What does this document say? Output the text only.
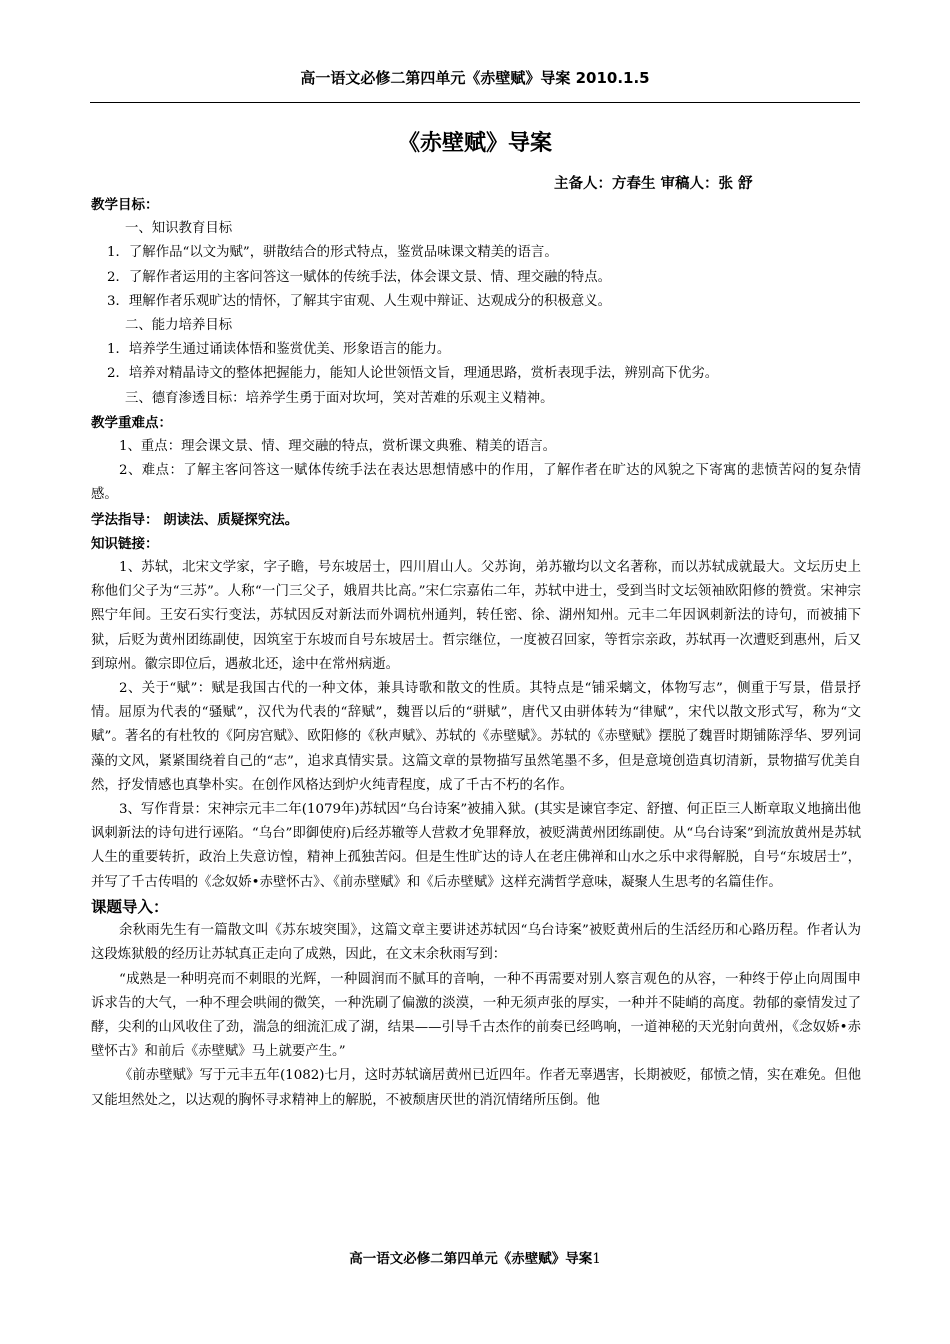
高一语文必修二第四单元《赤壁赋》导案 2010.1.5
《赤壁赋》导案
主备人：方春生 审稿人：张 舒

教学目标：

一、知识教育目标

1．了解作品“以文为赋”，骈散结合的形式特点，鉴赏品味课文精美的语言。

2．了解作者运用的主客问答这一赋体的传统手法，体会课文景、情、理交融的特点。

3．理解作者乐观旷达的情怀，了解其宇宙观、人生观中辩证、达观成分的积极意义。

二、能力培养目标

1．培养学生通过诵读体悟和鉴赏优美、形象语言的能力。

2．培养对精晶诗文的整体把握能力，能知人论世领悟文旨，理通思路，赏析表现手法，辨别高下优劣。

三、德育渗透目标：培养学生勇于面对坎坷，笑对苦难的乐观主义精神。

教学重难点：

1、重点：理会课文景、情、理交融的特点，赏析课文典雅、精美的语言。

2、难点：了解主客问答这一赋体传统手法在表达思想情感中的作用，了解作者在旷达的风貌之下寄寓的悲愤苦闷的复杂情感。

学法指导： 朗读法、质疑探究法。

知识链接：

1、苏轼，北宋文学家，字子瞻，号东坡居士，四川眉山人。父苏询，弟苏辙均以文名著称，而以苏轼成就最大。文坛历史上称他们父子为“三苏”。人称“一门三父子，娥眉共比高。”宋仁宗嘉佑二年，苏轼中进士，受到当时文坛领袖欧阳修的赞赏。宋神宗熙宁年间。王安石实行变法，苏轼因反对新法而外调杭州通判，转任密、徐、湖州知州。元丰二年因讽刺新法的诗句，而被捕下狱，后贬为黄州团练副使，因筑室于东坡而自号东坡居士。哲宗继位，一度被召回家，等哲宗亲政，苏轼再一次遭贬到惠州，后又到琼州。徽宗即位后，遇赦北还，途中在常州病逝。

2、关于“赋”：赋是我国古代的一种文体，兼具诗歌和散文的性质。其特点是“铺采螭文，体物写志”，侧重于写景，借景抒情。屈原为代表的“骚赋”，汉代为代表的“辞赋”，魏晋以后的“骈赋”，唐代又由骈体转为“律赋”，宋代以散文形式写，称为“文赋”。著名的有杜牧的《阿房宫赋》、欧阳修的《秋声赋》、苏轼的《赤壁赋》。苏轼的《赤壁赋》摆脱了魏晋时期铺陈浮华、罗列词藻的文风，紧紧围绕着自己的“志”，追求真情实景。这篇文章的景物描写虽然笔墨不多，但是意境创造真切清新，景物描写优美自然，抒发情感也真挚朴实。在创作风格达到炉火纯青程度，成了千古不朽的名作。

3、写作背景：宋神宗元丰二年(1079年)苏轼因“乌台诗案”被捕入狱。(其实是谏官李定、舒擅、何正臣三人断章取义地摘出他讽刺新法的诗句进行诬陷。“乌台”即御使府)后经苏辙等人营救才免罪释放，被贬满黄州团练副使。从“乌台诗案”到流放黄州是苏轼人生的重要转折，政治上失意访惶，精神上孤独苦闷。但是生性旷达的诗人在老庄佛禅和山水之乐中求得解脱，自号“东坡居士”，并写了千古传唱的《念奴娇•赤壁怀古》、《前赤壁赋》和《后赤壁赋》这样充满哲学意味，凝聚人生思考的名篇佳作。

课题导入：

余秋雨先生有一篇散文叫《苏东坡突围》，这篇文章主要讲述苏轼因“乌台诗案”被贬黄州后的生活经历和心路历程。作者认为这段炼狱般的经历让苏轼真正走向了成熟，因此，在文末余秋雨写到：

“成熟是一种明亮而不刺眼的光辉，一种圆润而不腻耳的音响，一种不再需要对别人察言观色的从容，一种终于停止向周围申诉求告的大气，一种不理会哄闹的微笑，一种洗刷了偏激的淡漠，一种无须声张的厚实，一种并不陡峭的高度。勃郁的豪情发过了酵，尖利的山风收住了劲，湍急的细流汇成了湖，结果——引导千古杰作的前奏已经鸣响，一道神秘的天光射向黄州，《念奴娇•赤壁怀古》和前后《赤壁赋》马上就要产生。”

《前赤壁赋》写于元丰五年(1082)七月，这时苏轼谪居黄州已近四年。作者无辜遇害，长期被贬，郁愤之情，实在难免。但他又能坦然处之，以达观的胸怀寻求精神上的解脱，不被颓唐厌世的消沉情绪所压倒。他

高一语文必修二第四单元《赤壁赋》导案1
